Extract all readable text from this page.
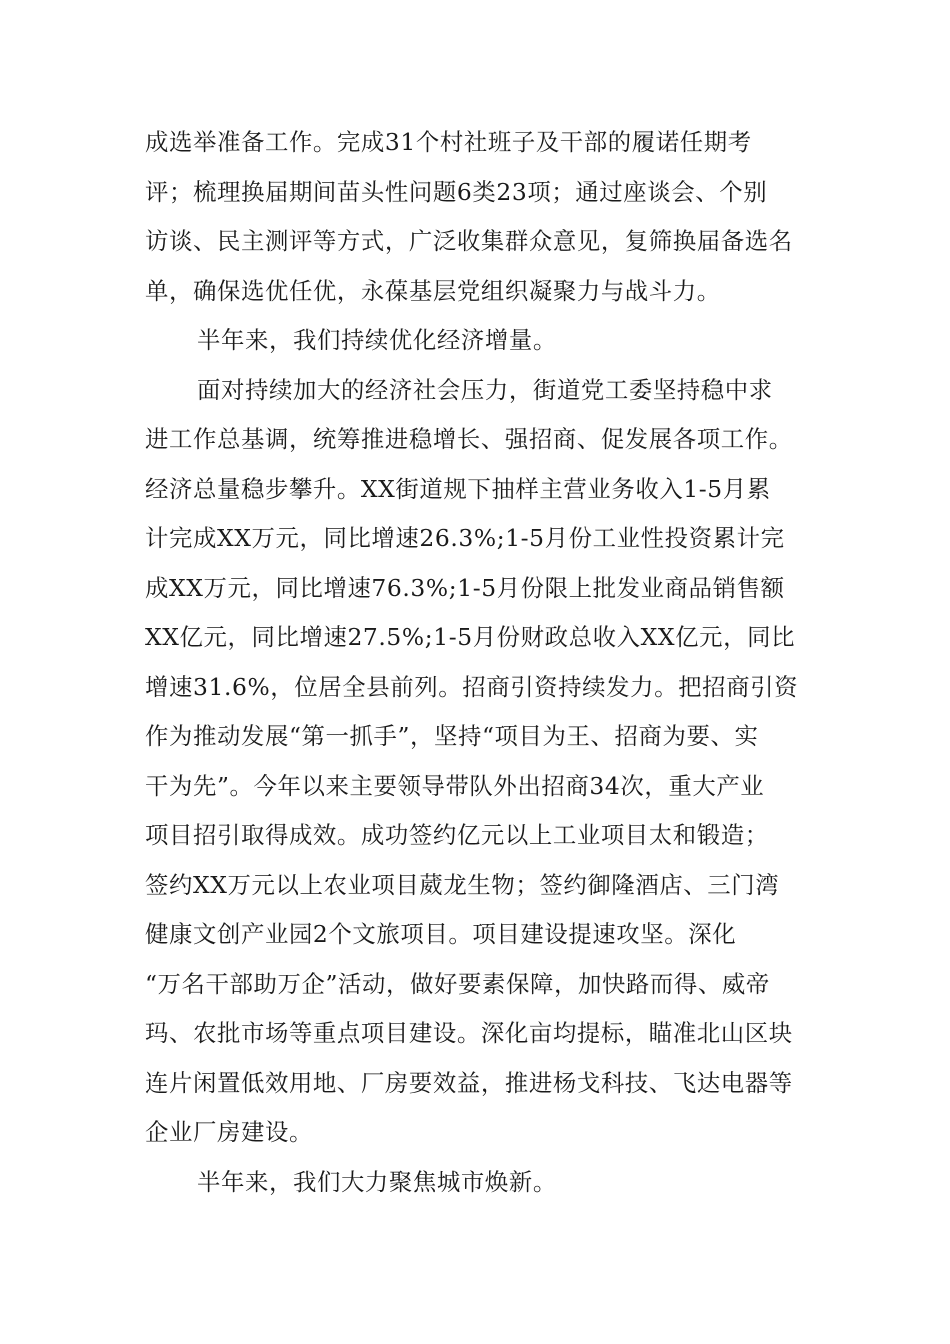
成选举准备工作。完成31个村社班子及干部的履诺任期考
评；梳理换届期间苗头性问题6类23项；通过座谈会、个别
访谈、民主测评等方式，广泛收集群众意见，复筛换届备选名
单，确保选优任优，永葆基层党组织凝聚力与战斗力。
半年来，我们持续优化经济增量。
面对持续加大的经济社会压力，街道党工委坚持稳中求
进工作总基调，统筹推进稳增长、强招商、促发展各项工作。
经济总量稳步攀升。XX街道规下抽样主营业务收入1-5月累
计完成XX万元，同比增速26.3%;1-5月份工业性投资累计完
成XX万元，同比增速76.3%;1-5月份限上批发业商品销售额
XX亿元，同比增速27.5%;1-5月份财政总收入XX亿元，同比
增速31.6%，位居全县前列。招商引资持续发力。把招商引资
作为推动发展“第一抓手”，坚持“项目为王、招商为要、实
干为先”。今年以来主要领导带队外出招商34次，重大产业
项目招引取得成效。成功签约亿元以上工业项目太和锻造；
签约XX万元以上农业项目葳龙生物；签约御隆酒店、三门湾
健康文创产业园2个文旅项目。项目建设提速攻坚。深化
“万名干部助万企”活动，做好要素保障，加快路而得、威帝
玛、农批市场等重点项目建设。深化亩均提标，瞄准北山区块
连片闲置低效用地、厂房要效益，推进杨戈科技、飞达电器等
企业厂房建设。
半年来，我们大力聚焦城市焕新。
